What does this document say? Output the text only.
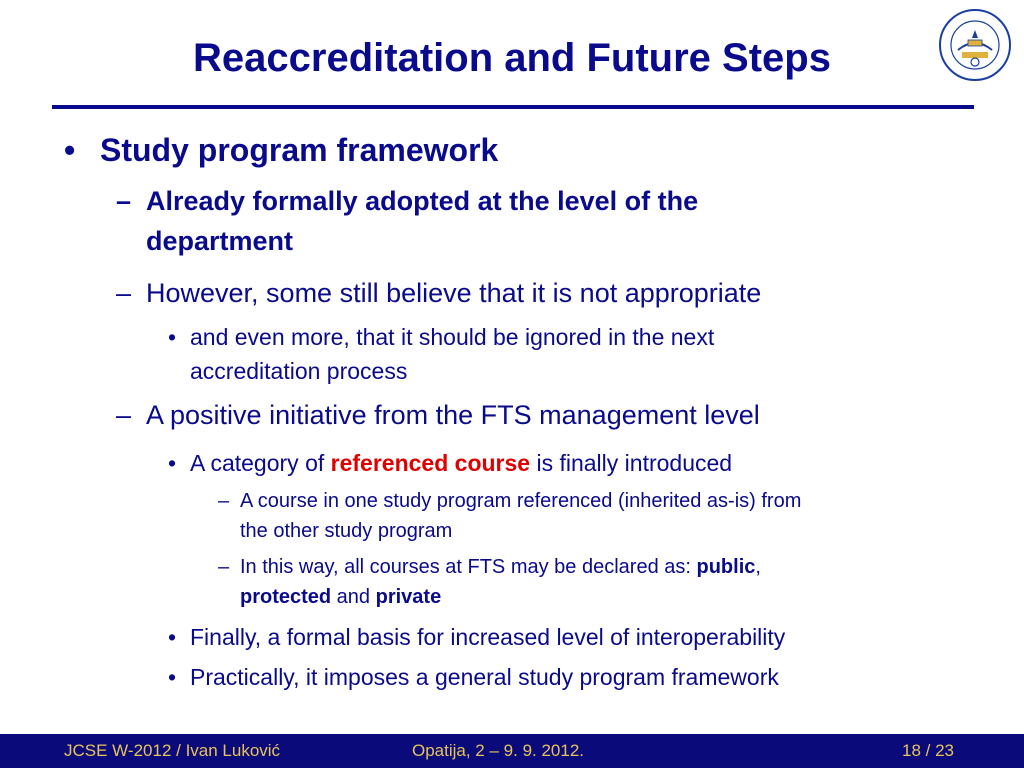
Reaccreditation and Future Steps
• Study program framework
– Already formally adopted at the level of the
department
– However, some still believe that it is not appropriate
• and even more, that it should be ignored in the next
accreditation process
– A positive initiative from the FTS management level
• A category of referenced course is finally introduced
– A course in one study program referenced (inherited as-is) from
the other study program
– In this way, all courses at FTS may be declared as: public,
protected and private
• Finally, a formal basis for increased level of interoperability
• Practically, it imposes a general study program framework
JCSE W-2012 / Ivan Luković	Opatija, 2 – 9. 9. 2012.	18 / 23
